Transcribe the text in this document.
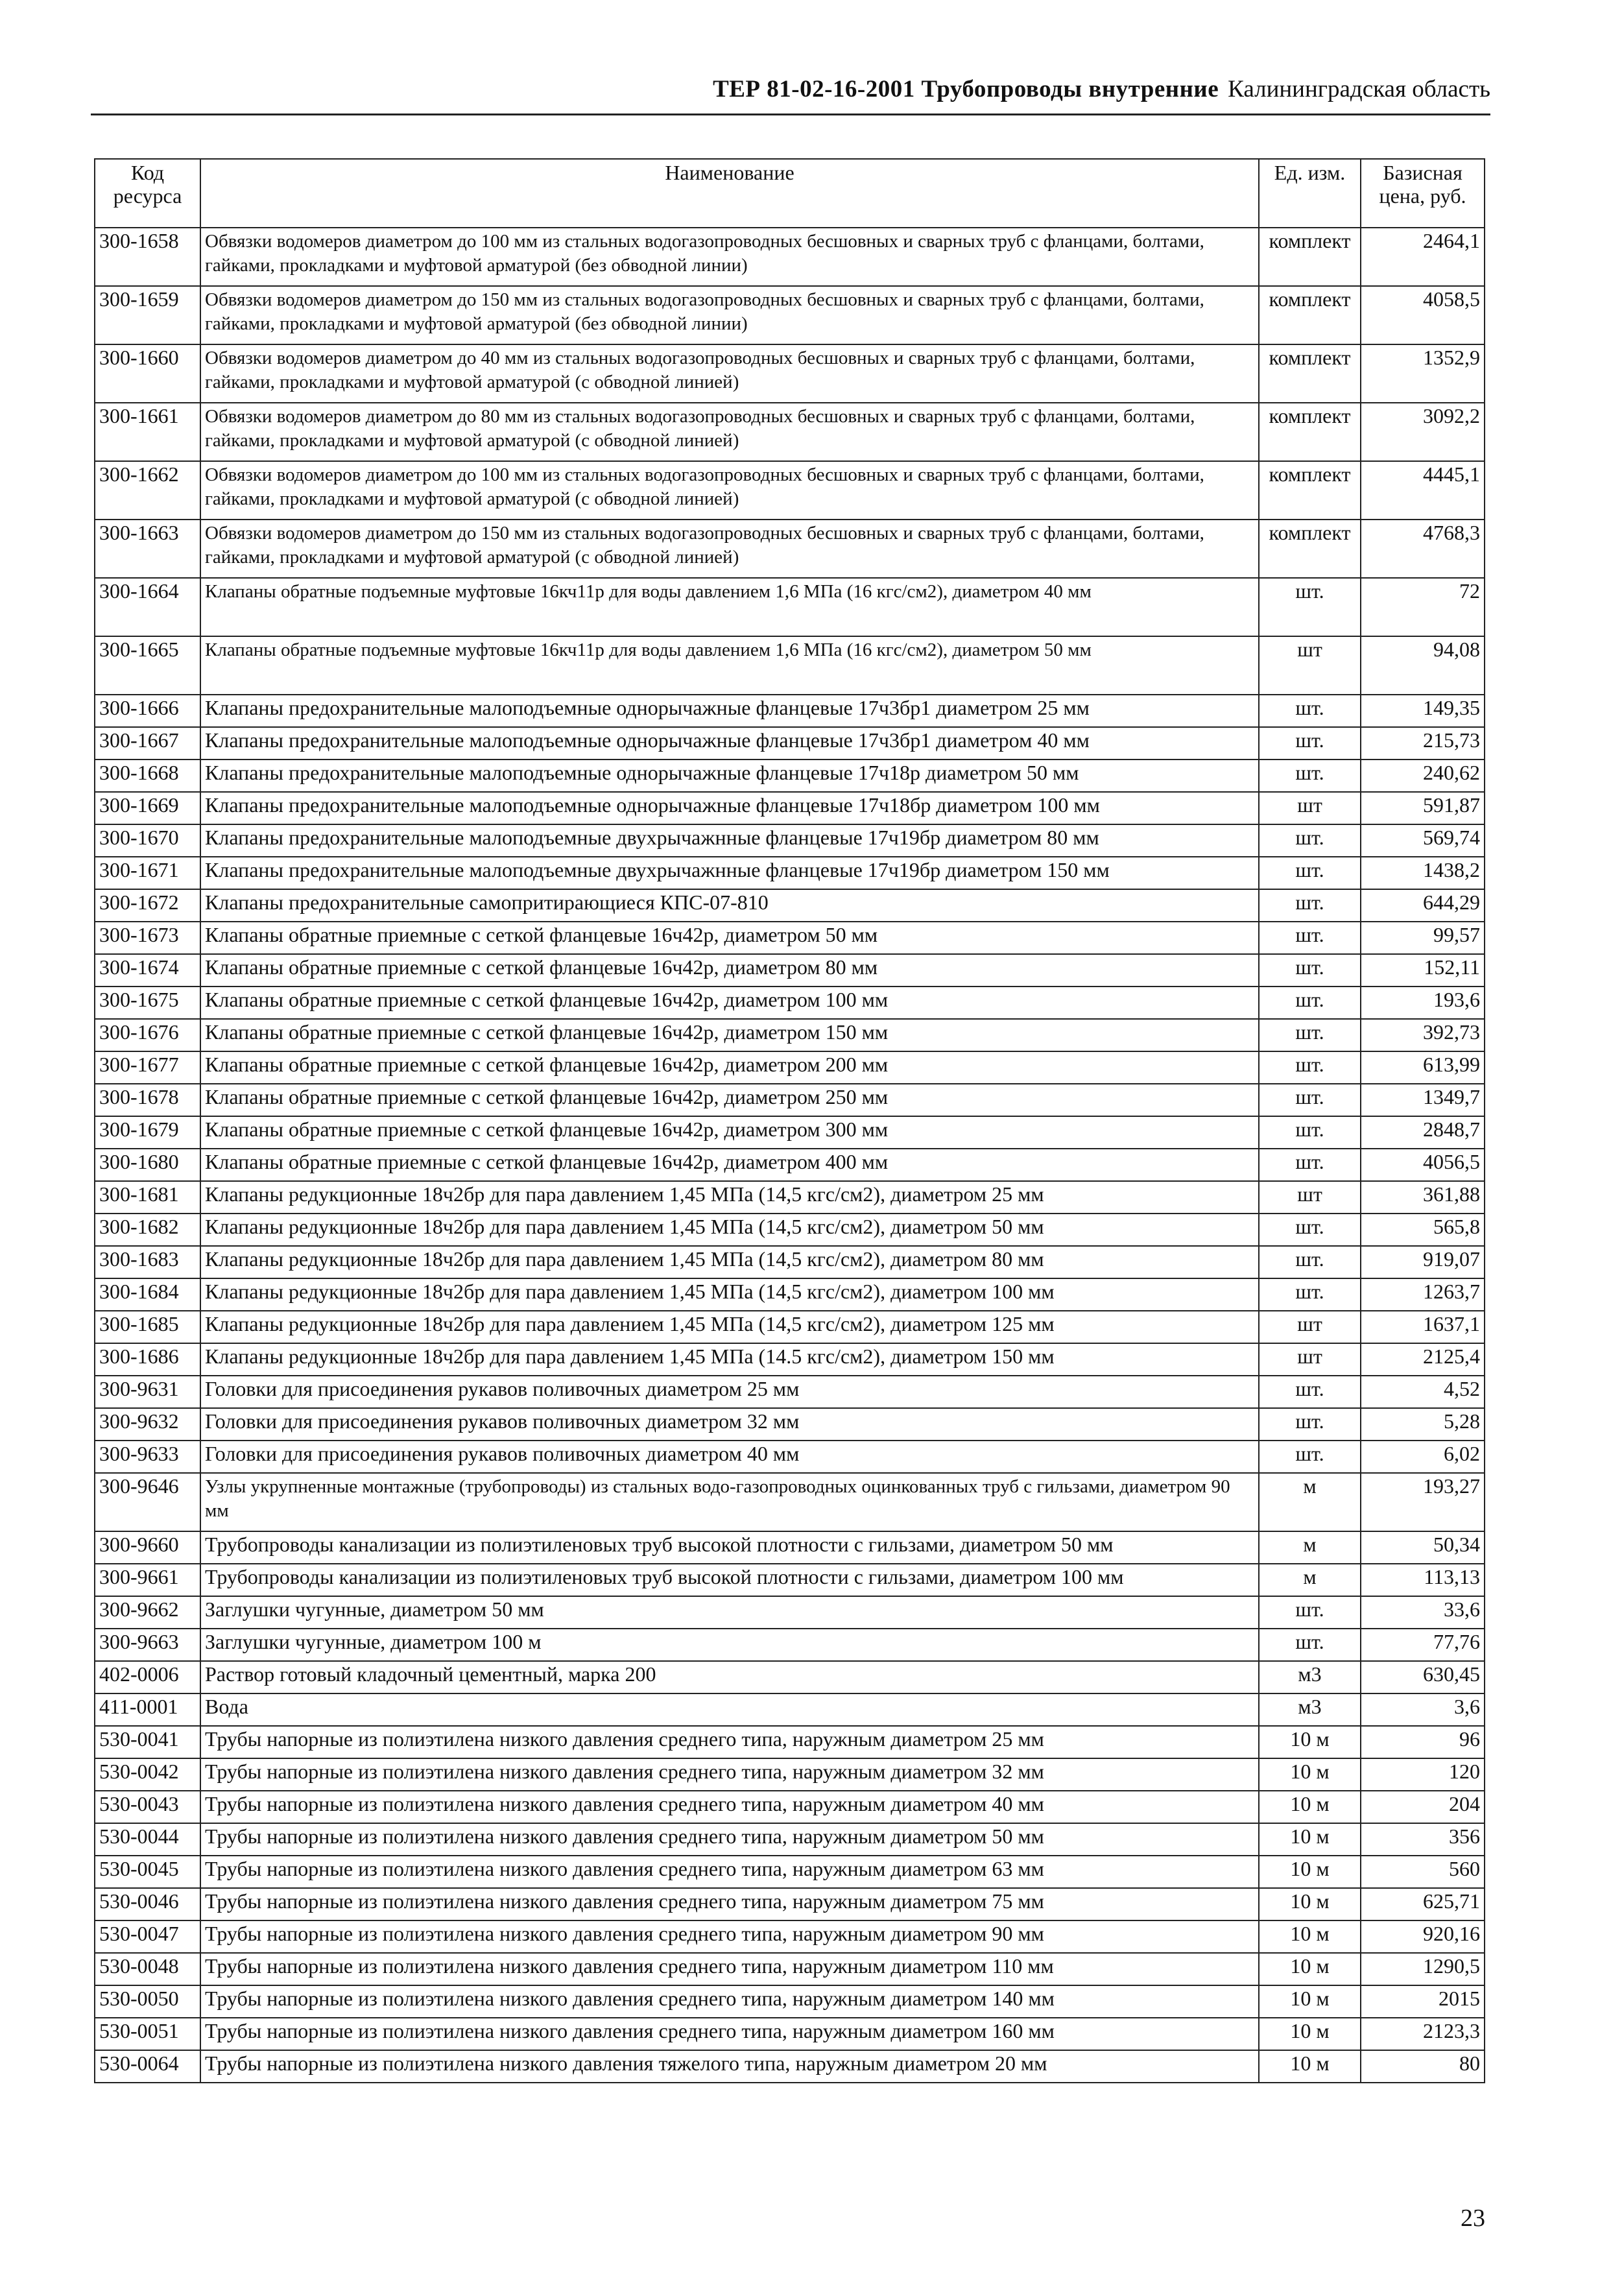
ТЕР 81-02-16-2001 Трубопроводы внутренние Калининградская область
Код ресурса	Наименование	Ед. изм.	Базисная цена, руб.
300-1658	Обвязки водомеров диаметром до 100 мм из стальных водогазопроводных бесшовных и сварных труб с фланцами, болтами, гайками, прокладками и муфтовой арматурой (без обводной линии)	комплект	2464,1
300-1659	Обвязки водомеров диаметром до 150 мм из стальных водогазопроводных бесшовных и сварных труб с фланцами, болтами, гайками, прокладками и муфтовой арматурой (без обводной линии)	комплект	4058,5
300-1660	Обвязки водомеров диаметром до 40 мм из стальных водогазопроводных бесшовных и сварных труб с фланцами, болтами, гайками, прокладками и муфтовой арматурой (с обводной линией)	комплект	1352,9
300-1661	Обвязки водомеров диаметром до 80 мм из стальных водогазопроводных бесшовных и сварных труб с фланцами, болтами, гайками, прокладками и муфтовой арматурой (с обводной линией)	комплект	3092,2
300-1662	Обвязки водомеров диаметром до 100 мм из стальных водогазопроводных бесшовных и сварных труб с фланцами, болтами, гайками, прокладками и муфтовой арматурой (с обводной линией)	комплект	4445,1
300-1663	Обвязки водомеров диаметром до 150 мм из стальных водогазопроводных бесшовных и сварных труб с фланцами, болтами, гайками, прокладками и муфтовой арматурой (с обводной линией)	комплект	4768,3
300-1664	Клапаны обратные подъемные муфтовые 16кч11р для воды давлением 1,6 МПа (16 кгс/см2), диаметром 40 мм	шт.	72
300-1665	Клапаны обратные подъемные муфтовые 16кч11р для воды давлением 1,6 МПа (16 кгс/см2), диаметром 50 мм	шт	94,08
300-1666	Клапаны предохранительные малоподъемные однорычажные фланцевые 17ч3бр1 диаметром 25 мм	шт.	149,35
300-1667	Клапаны предохранительные малоподъемные однорычажные фланцевые 17ч3бр1 диаметром 40 мм	шт.	215,73
300-1668	Клапаны предохранительные малоподъемные однорычажные фланцевые 17ч18р диаметром 50 мм	шт.	240,62
300-1669	Клапаны предохранительные малоподъемные однорычажные фланцевые 17ч18бр диаметром 100 мм	шт	591,87
300-1670	Клапаны предохранительные малоподъемные двухрычажнные фланцевые 17ч19бр диаметром 80 мм	шт.	569,74
300-1671	Клапаны предохранительные малоподъемные двухрычажнные фланцевые 17ч19бр диаметром 150 мм	шт.	1438,2
300-1672	Клапаны предохранительные самопритирающиеся КПС-07-810	шт.	644,29
300-1673	Клапаны обратные приемные с сеткой фланцевые 16ч42р, диаметром 50 мм	шт.	99,57
300-1674	Клапаны обратные приемные с сеткой фланцевые 16ч42р, диаметром 80 мм	шт.	152,11
300-1675	Клапаны обратные приемные с сеткой фланцевые 16ч42р, диаметром 100 мм	шт.	193,6
300-1676	Клапаны обратные приемные с сеткой фланцевые 16ч42р, диаметром 150 мм	шт.	392,73
300-1677	Клапаны обратные приемные с сеткой фланцевые 16ч42р, диаметром 200 мм	шт.	613,99
300-1678	Клапаны обратные приемные с сеткой фланцевые 16ч42р, диаметром 250 мм	шт.	1349,7
300-1679	Клапаны обратные приемные с сеткой фланцевые 16ч42р, диаметром 300 мм	шт.	2848,7
300-1680	Клапаны обратные приемные с сеткой фланцевые 16ч42р, диаметром 400 мм	шт.	4056,5
300-1681	Клапаны редукционные 18ч2бр для пара давлением 1,45 МПа (14,5 кгс/см2), диаметром 25 мм	шт	361,88
300-1682	Клапаны редукционные 18ч2бр для пара давлением 1,45 МПа (14,5 кгс/см2), диаметром 50 мм	шт.	565,8
300-1683	Клапаны редукционные 18ч2бр для пара давлением 1,45 МПа (14,5 кгс/см2), диаметром 80 мм	шт.	919,07
300-1684	Клапаны редукционные 18ч2бр для пара давлением 1,45 МПа (14,5 кгс/см2), диаметром 100 мм	шт.	1263,7
300-1685	Клапаны редукционные 18ч2бр для пара давлением 1,45 МПа (14,5 кгс/см2), диаметром 125 мм	шт	1637,1
300-1686	Клапаны редукционные 18ч2бр для пара давлением 1,45 МПа (14.5 кгс/см2), диаметром 150 мм	шт	2125,4
300-9631	Головки для присоединения рукавов поливочных диаметром 25 мм	шт.	4,52
300-9632	Головки для присоединения рукавов поливочных диаметром 32 мм	шт.	5,28
300-9633	Головки для присоединения рукавов поливочных диаметром 40 мм	шт.	6,02
300-9646	Узлы укрупненные монтажные (трубопроводы) из стальных водо-газопроводных оцинкованных труб с гильзами, диаметром 90 мм	м	193,27
300-9660	Трубопроводы канализации из полиэтиленовых труб высокой плотности с гильзами, диаметром 50 мм	м	50,34
300-9661	Трубопроводы канализации из полиэтиленовых труб высокой плотности с гильзами, диаметром 100 мм	м	113,13
300-9662	Заглушки чугунные, диаметром 50 мм	шт.	33,6
300-9663	Заглушки чугунные, диаметром 100 м	шт.	77,76
402-0006	Раствор готовый кладочный цементный, марка 200	м3	630,45
411-0001	Вода	м3	3,6
530-0041	Трубы напорные из полиэтилена низкого давления среднего типа, наружным диаметром 25 мм	10 м	96
530-0042	Трубы напорные из полиэтилена низкого давления среднего типа, наружным диаметром 32 мм	10 м	120
530-0043	Трубы напорные из полиэтилена низкого давления среднего типа, наружным диаметром 40 мм	10 м	204
530-0044	Трубы напорные из полиэтилена низкого давления среднего типа, наружным диаметром 50 мм	10 м	356
530-0045	Трубы напорные из полиэтилена низкого давления среднего типа, наружным диаметром 63 мм	10 м	560
530-0046	Трубы напорные из полиэтилена низкого давления среднего типа, наружным диаметром 75 мм	10 м	625,71
530-0047	Трубы напорные из полиэтилена низкого давления среднего типа, наружным диаметром 90 мм	10 м	920,16
530-0048	Трубы напорные из полиэтилена низкого давления среднего типа, наружным диаметром 110 мм	10 м	1290,5
530-0050	Трубы напорные из полиэтилена низкого давления среднего типа, наружным диаметром 140 мм	10 м	2015
530-0051	Трубы напорные из полиэтилена низкого давления среднего типа, наружным диаметром 160 мм	10 м	2123,3
530-0064	Трубы напорные из полиэтилена низкого давления тяжелого типа, наружным диаметром 20 мм	10 м	80
23
